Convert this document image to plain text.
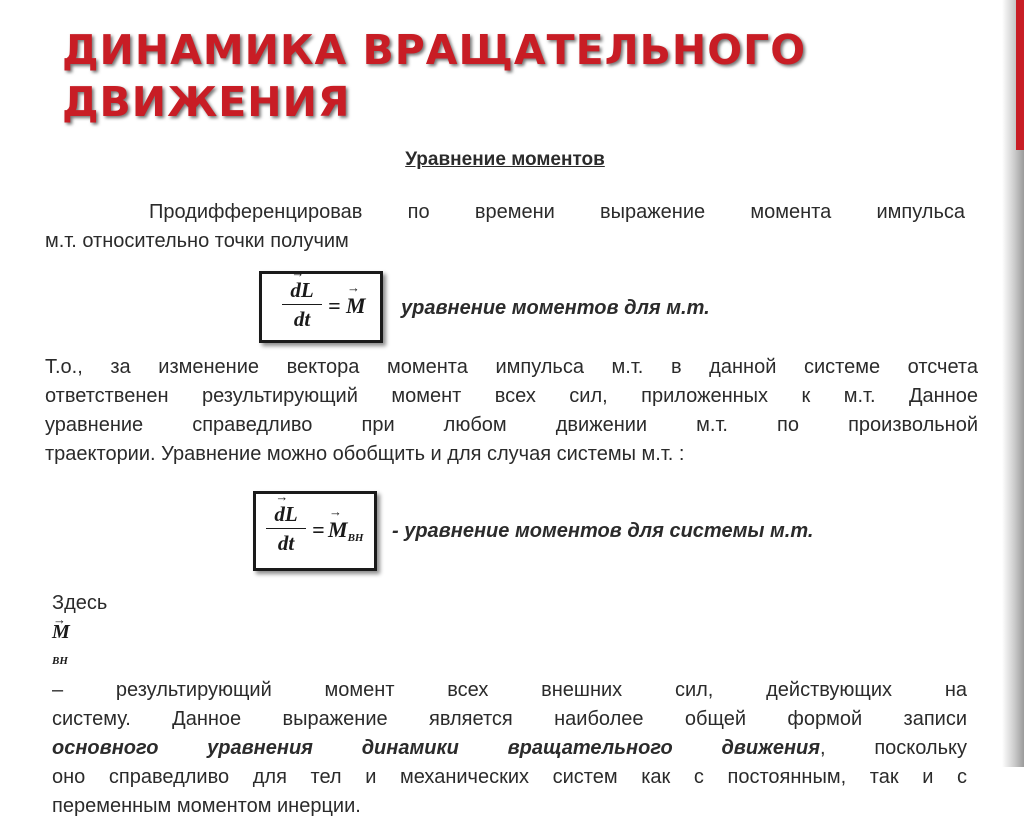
ДИНАМИКА ВРАЩАТЕЛЬНОГО ДВИЖЕНИЯ
Уравнение моментов
Продифференцировав по времени выражение момента импульса
м.т. относительно точки получим
→ $\frac{dL}{dt}$ = → M уравнение моментов для м.т.
Т.о., за изменение вектора момента импульса м.т. в данной системе отсчета
ответственен результирующий момент всех сил, приложенных к м.т. Данное
уравнение справедливо при любом движении м.т. по произвольной
траектории. Уравнение можно обобщить и для случая системы м.т. :
→ $\frac{dL}{dt}$ = → $M_{ВН}$ - уравнение моментов для системы м.т.
Здесь
→ M
ВН
– результирующий момент всех внешних сил, действующих на
систему. Данное выражение является наиболее общей формой записи
основного уравнения динамики вращательного движения, поскольку
оно справедливо для тел и механических систем как с постоянным, так и с
переменным моментом инерции.
